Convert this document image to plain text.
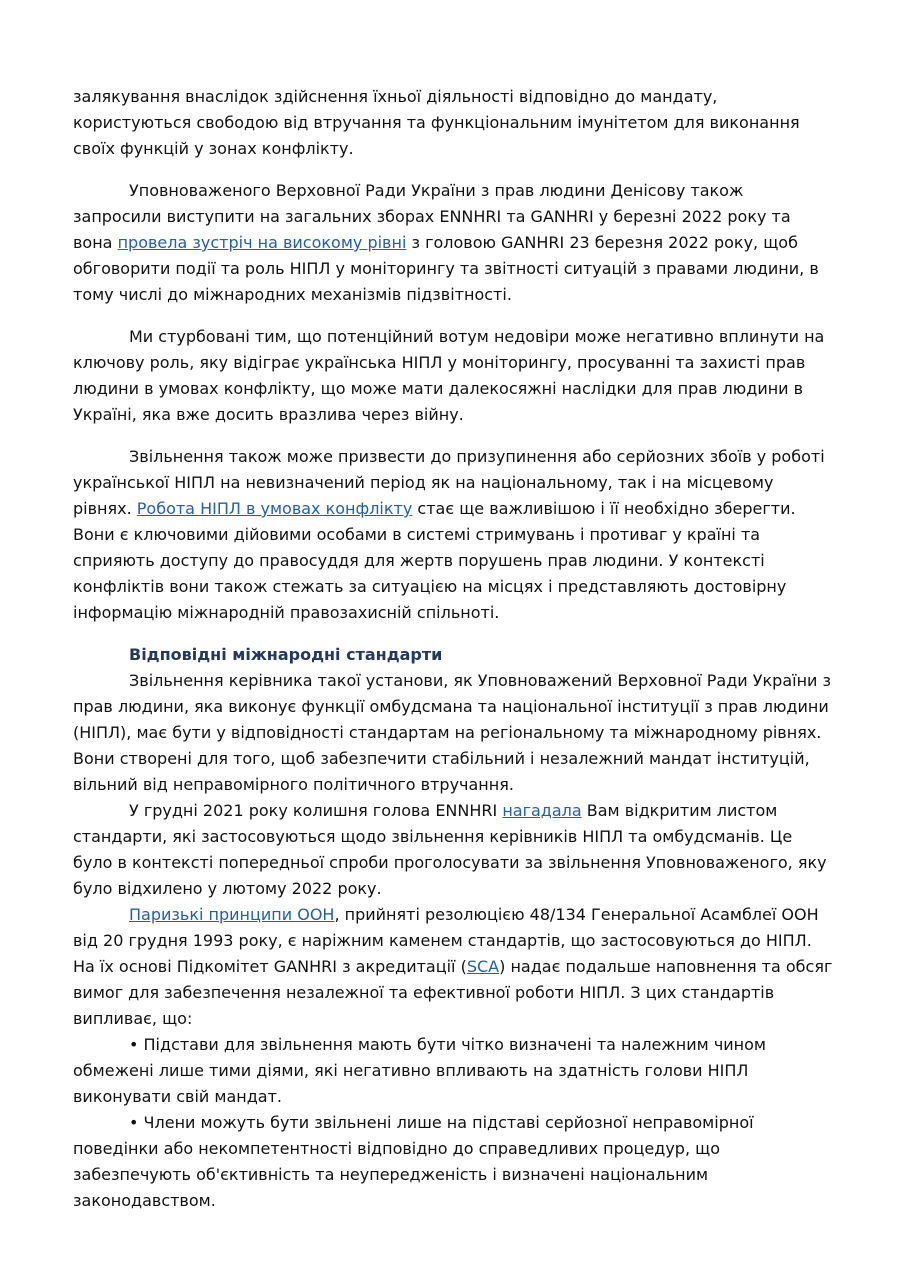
залякування внаслідок здійснення їхньої діяльності відповідно до мандату, користуються свободою від втручання та функціональним імунітетом для виконання своїх функцій у зонах конфлікту.

Уповноваженого Верховної Ради України з прав людини Денісову також запросили виступити на загальних зборах ENNHRI та GANHRI у березні 2022 року та вона провела зустріч на високому рівні з головою GANHRI 23 березня 2022 року, щоб обговорити події та роль НІПЛ у моніторингу та звітності ситуацій з правами людини, в тому числі до міжнародних механізмів підзвітності.

Ми стурбовані тим, що потенційний вотум недовіри може негативно вплинути на ключову роль, яку відіграє українська НІПЛ у моніторингу, просуванні та захисті прав людини в умовах конфлікту, що може мати далекосяжні наслідки для прав людини в Україні, яка вже досить вразлива через війну.

Звільнення також може призвести до призупинення або серйозних збоїв у роботі української НІПЛ на невизначений період як на національному, так і на місцевому рівнях. Робота НІПЛ в умовах конфлікту стає ще важливішою і її необхідно зберегти. Вони є ключовими дійовими особами в системі стримувань і противаг у країні та сприяють доступу до правосуддя для жертв порушень прав людини. У контексті конфліктів вони також стежать за ситуацією на місцях і представляють достовірну інформацію міжнародній правозахисній спільноті.

Відповідні міжнародні стандарти

Звільнення керівника такої установи, як Уповноважений Верховної Ради України з прав людини, яка виконує функції омбудсмана та національної інституції з прав людини (НІПЛ), має бути у відповідності стандартам на регіональному та міжнародному рівнях. Вони створені для того, щоб забезпечити стабільний і незалежний мандат інституцій, вільний від неправомірного політичного втручання.

У грудні 2021 року колишня голова ENNHRI нагадала Вам відкритим листом стандарти, які застосовуються щодо звільнення керівників НІПЛ та омбудсманів. Це було в контексті попередньої спроби проголосувати за звільнення Уповноваженого, яку було відхилено у лютому 2022 року.

Паризькі принципи ООН, прийняті резолюцією 48/134 Генеральної Асамблеї ООН від 20 грудня 1993 року, є наріжним каменем стандартів, що застосовуються до НІПЛ. На їх основі Підкомітет GANHRI з акредитації (SCA) надає подальше наповнення та обсяг вимог для забезпечення незалежної та ефективної роботи НІПЛ. З цих стандартів випливає, що:

• Підстави для звільнення мають бути чітко визначені та належним чином обмежені лише тими діями, які негативно впливають на здатність голови НІПЛ виконувати свій мандат.

• Члени можуть бути звільнені лише на підставі серйозної неправомірної поведінки або некомпетентності відповідно до справедливих процедур, що забезпечують об'єктивність та неупередженість і визначені національним законодавством.
